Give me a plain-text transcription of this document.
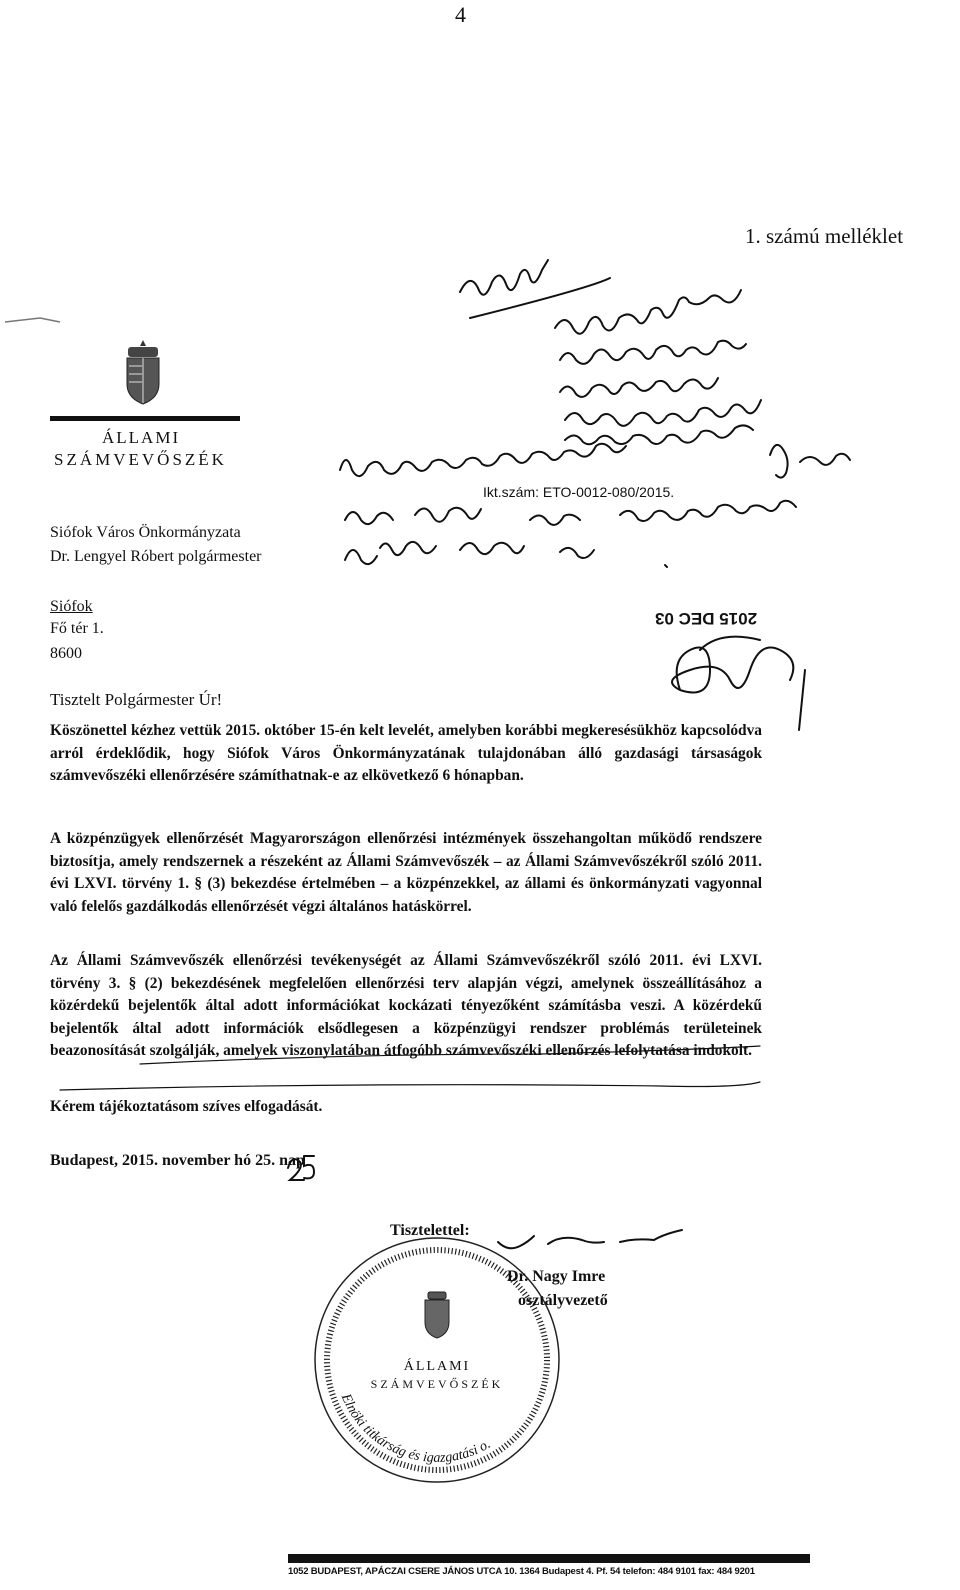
4
1. számú melléklet
ÁLLAMI
SZÁMVEVŐSZÉK
Elnöki titkárság és igazgatási o.
ÁLLAMI
SZÁMVEVŐSZÉK
Siófok Város Önkormányzata
Dr. Lengyel Róbert polgármester
Siófok
Fő tér 1.
8600
Ikt.szám: ETO-0012-080/2015.
2015 DEC 03
Tisztelt Polgármester Úr!
Köszönettel kézhez vettük 2015. október 15-én kelt levelét, amelyben korábbi megkeresésükhöz kapcsolódva arról érdeklődik, hogy Siófok Város Önkormányzatának tulajdonában álló gazdasági társaságok számvevőszéki ellenőrzésére számíthatnak-e az elkövetkező 6 hónapban.
A közpénzügyek ellenőrzését Magyarországon ellenőrzési intézmények összehangoltan működő rendszere biztosítja, amely rendszernek a részeként az Állami Számvevőszék – az Állami Számvevőszékről szóló 2011. évi LXVI. törvény 1. § (3) bekezdése értelmében – a közpénzekkel, az állami és önkormányzati vagyonnal való felelős gazdálkodás ellenőrzését végzi általános hatáskörrel.
Az Állami Számvevőszék ellenőrzési tevékenységét az Állami Számvevőszékről szóló 2011. évi LXVI. törvény 3. § (2) bekezdésének megfelelően ellenőrzési terv alapján végzi, amelynek összeállításához a közérdekű bejelentők által adott információkat kockázati tényezőként számításba veszi. A közérdekű bejelentők által adott információk elsődlegesen a közpénzügyi rendszer problémás területeinek beazonosítását szolgálják, amelyek viszonylatában átfogóbb számvevőszéki ellenőrzés lefolytatása indokolt.
Kérem tájékoztatásom szíves elfogadását.
Budapest, 2015. november hó 25. nap
Tisztelettel:
Dr. Nagy Imre
osztályvezető
1052 BUDAPEST, APÁCZAI CSERE JÁNOS UTCA 10. 1364 Budapest 4. Pf. 54 telefon: 484 9101 fax: 484 9201
